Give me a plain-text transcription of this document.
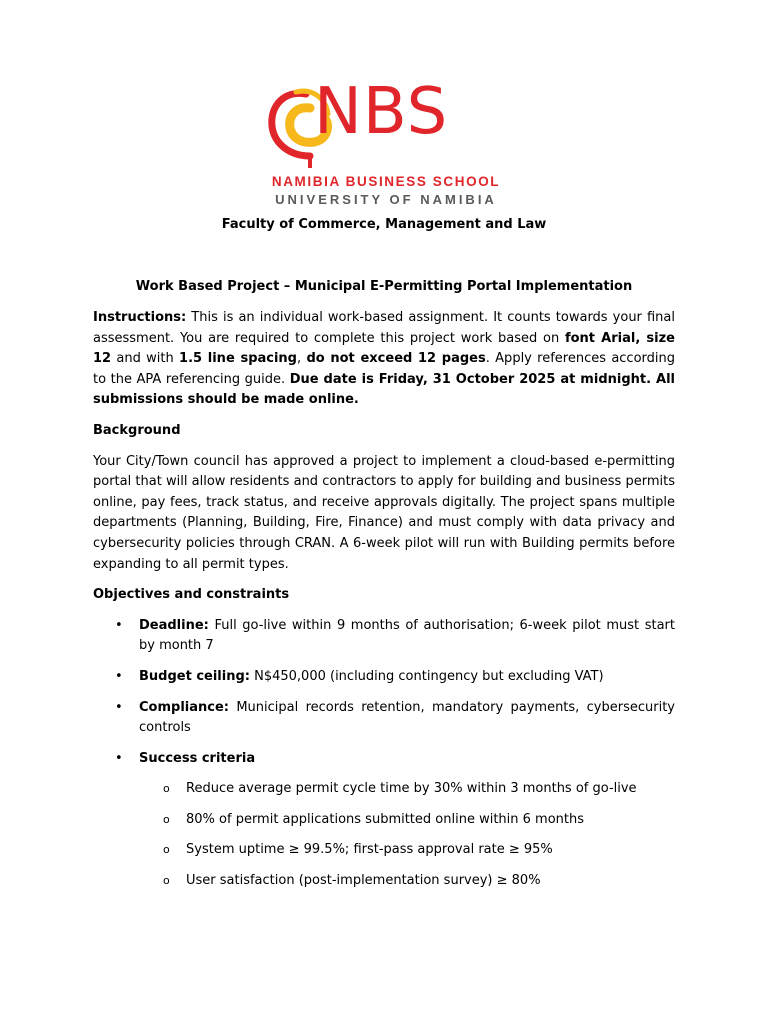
NBS
NAMIBIA BUSINESS SCHOOL
UNIVERSITY OF NAMIBIA
Faculty of Commerce, Management and Law
Work Based Project – Municipal E-Permitting Portal Implementation

Instructions: This is an individual work-based assignment. It counts towards your final assessment. You are required to complete this project work based on font Arial, size 12 and with 1.5 line spacing, do not exceed 12 pages. Apply references according to the APA referencing guide. Due date is Friday, 31 October 2025 at midnight. All submissions should be made online.

Background

Your City/Town council has approved a project to implement a cloud-based e-permitting portal that will allow residents and contractors to apply for building and business permits online, pay fees, track status, and receive approvals digitally. The project spans multiple departments (Planning, Building, Fire, Finance) and must comply with data privacy and cybersecurity policies through CRAN. A 6-week pilot will run with Building permits before expanding to all permit types.

Objectives and constraints
• Deadline: Full go-live within 9 months of authorisation; 6-week pilot must start by month 7
• Budget ceiling: N$450,000 (including contingency but excluding VAT)
• Compliance: Municipal records retention, mandatory payments, cybersecurity controls
• Success criteria
o Reduce average permit cycle time by 30% within 3 months of go-live
o 80% of permit applications submitted online within 6 months
o System uptime ≥ 99.5%; first-pass approval rate ≥ 95%
o User satisfaction (post-implementation survey) ≥ 80%
